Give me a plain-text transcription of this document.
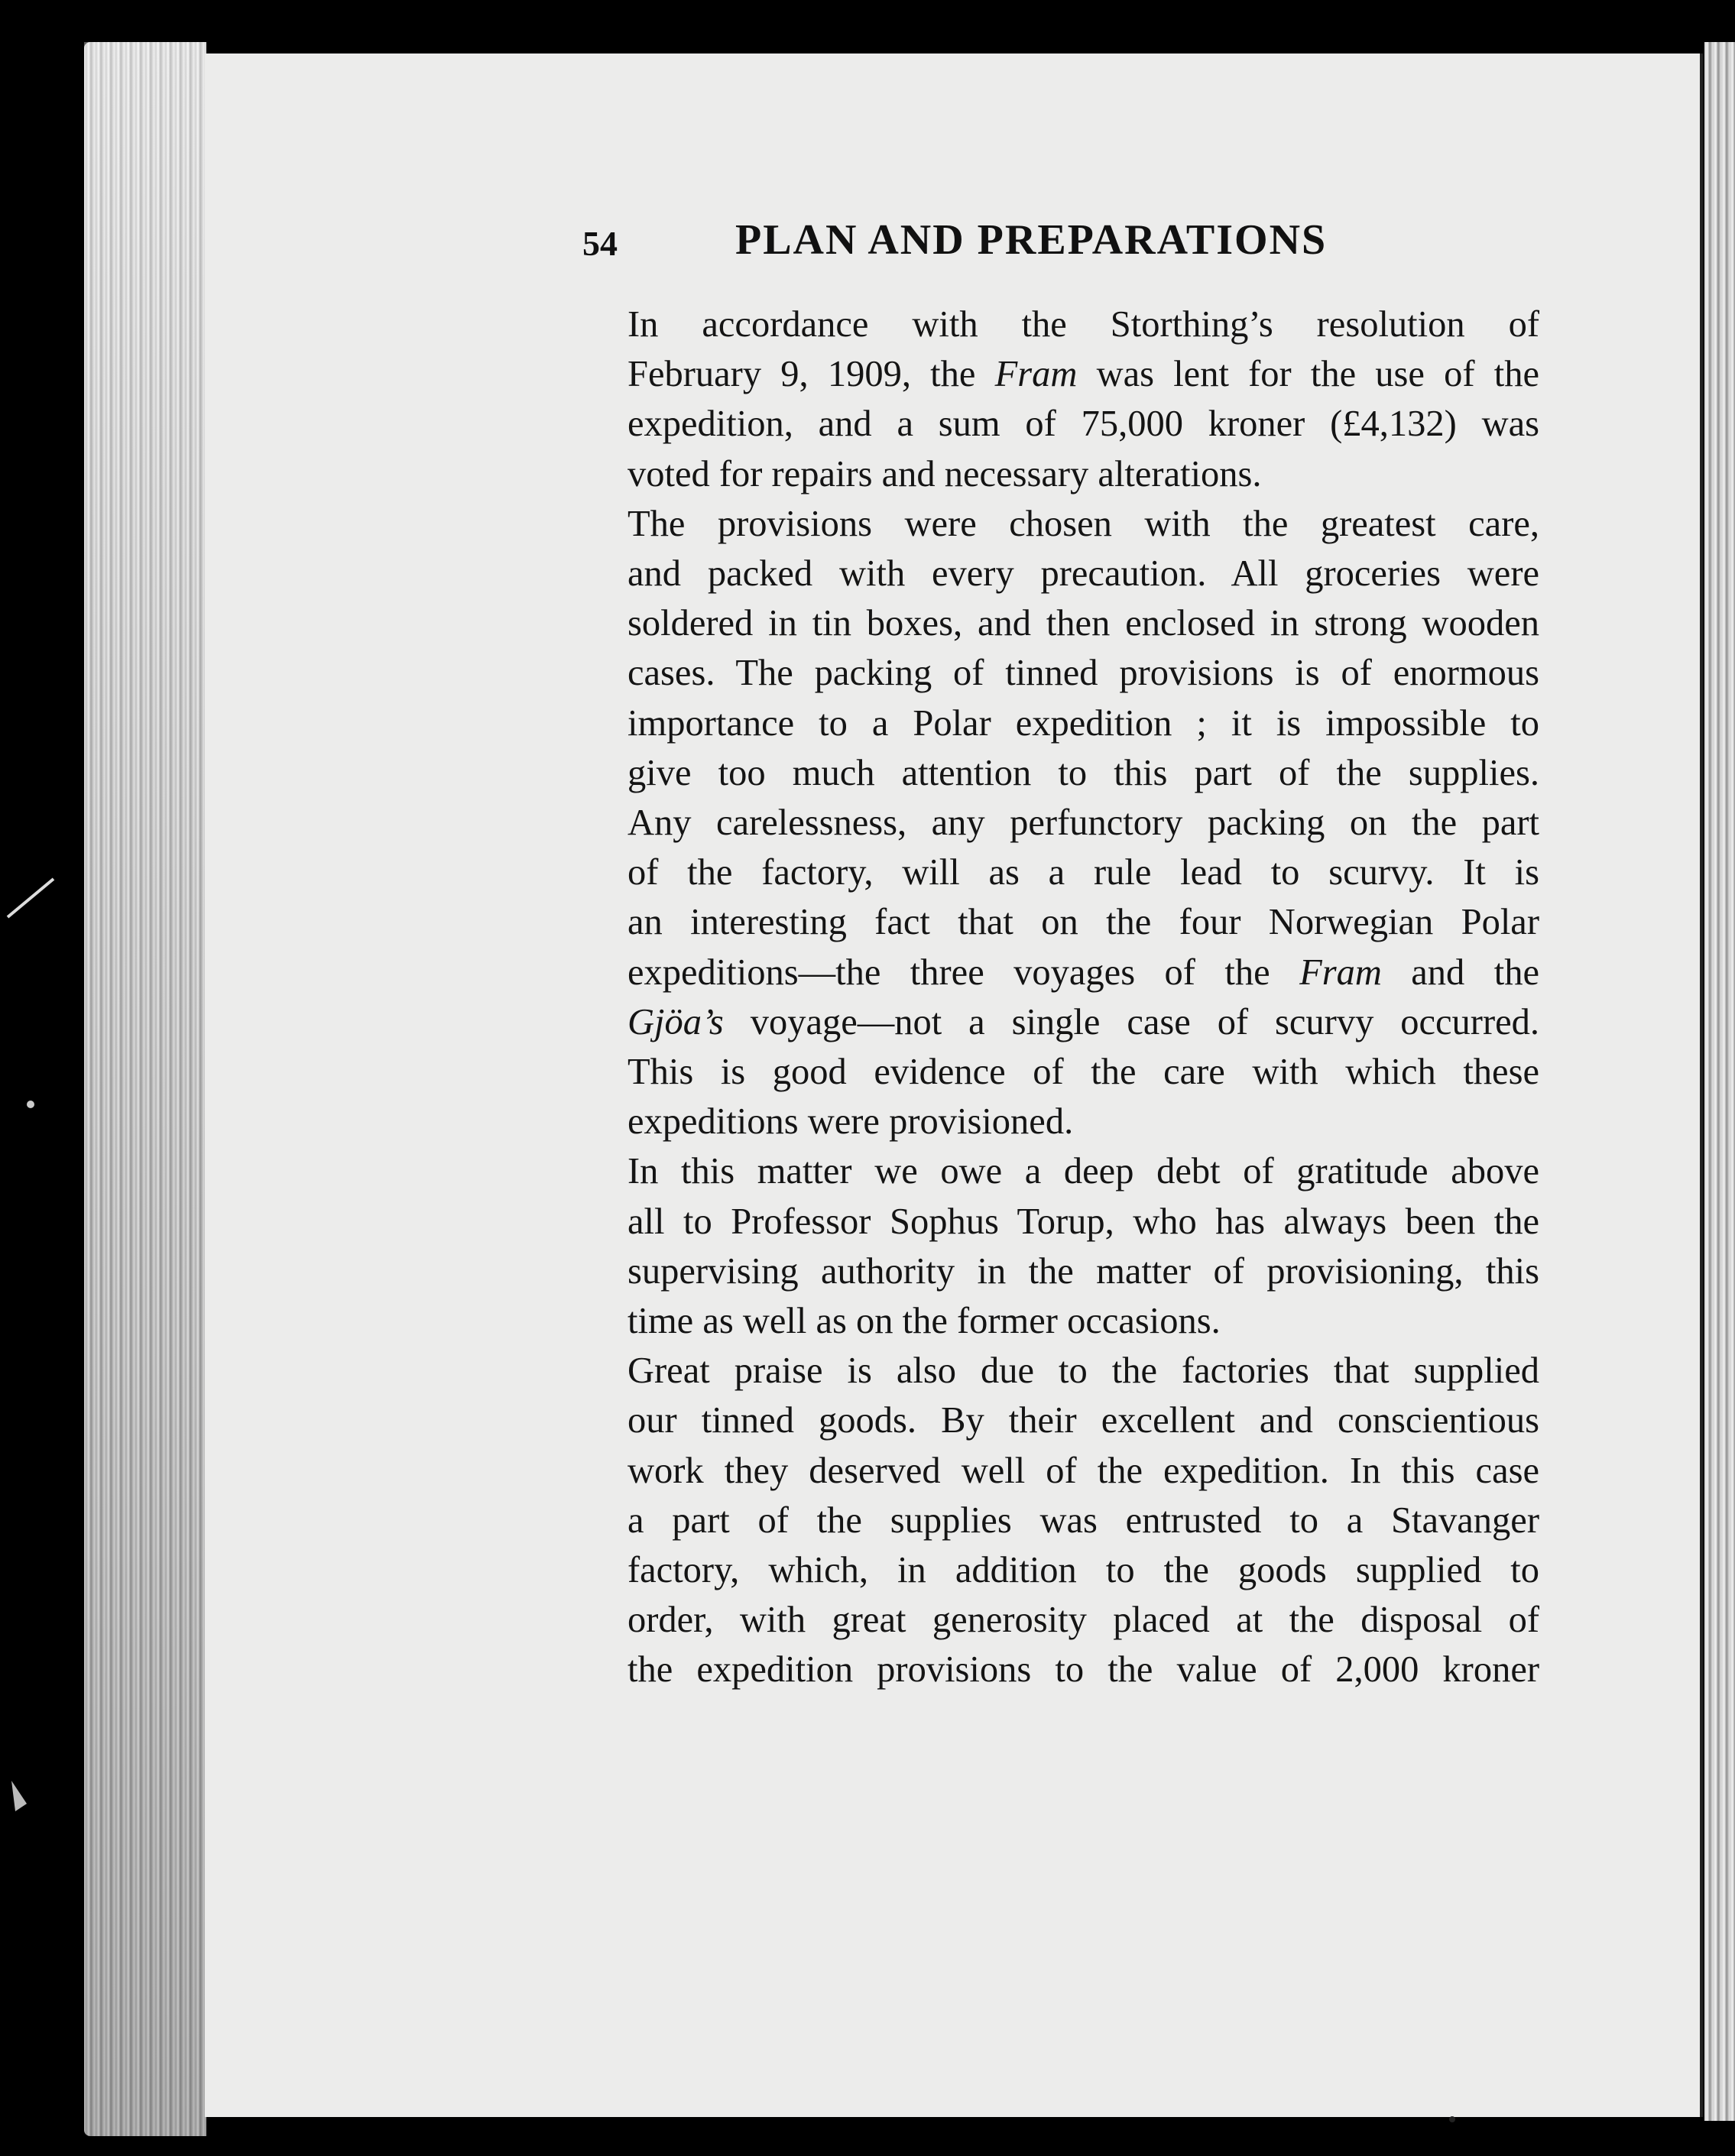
54	PLAN AND PREPARATIONS

In accordance with the Storthing’s resolution of
February 9, 1909, the Fram was lent for the use of the
expedition, and a sum of 75,000 kroner (£4,132) was
voted for repairs and necessary alterations.

The provisions were chosen with the greatest care,
and packed with every precaution. All groceries were
soldered in tin boxes, and then enclosed in strong wooden
cases. The packing of tinned provisions is of enormous
importance to a Polar expedition ; it is impossible to
give too much attention to this part of the supplies.
Any carelessness, any perfunctory packing on the part
of the factory, will as a rule lead to scurvy. It is
an interesting fact that on the four Norwegian Polar
expeditions—the three voyages of the Fram and the
Gjöa’s voyage—not a single case of scurvy occurred.
This is good evidence of the care with which these
expeditions were provisioned.

In this matter we owe a deep debt of gratitude above
all to Professor Sophus Torup, who has always been the
supervising authority in the matter of provisioning, this
time as well as on the former occasions.

Great praise is also due to the factories that supplied
our tinned goods. By their excellent and conscientious
work they deserved well of the expedition. In this case
a part of the supplies was entrusted to a Stavanger
factory, which, in addition to the goods supplied to
order, with great generosity placed at the disposal of
the expedition provisions to the value of 2,000 kroner
